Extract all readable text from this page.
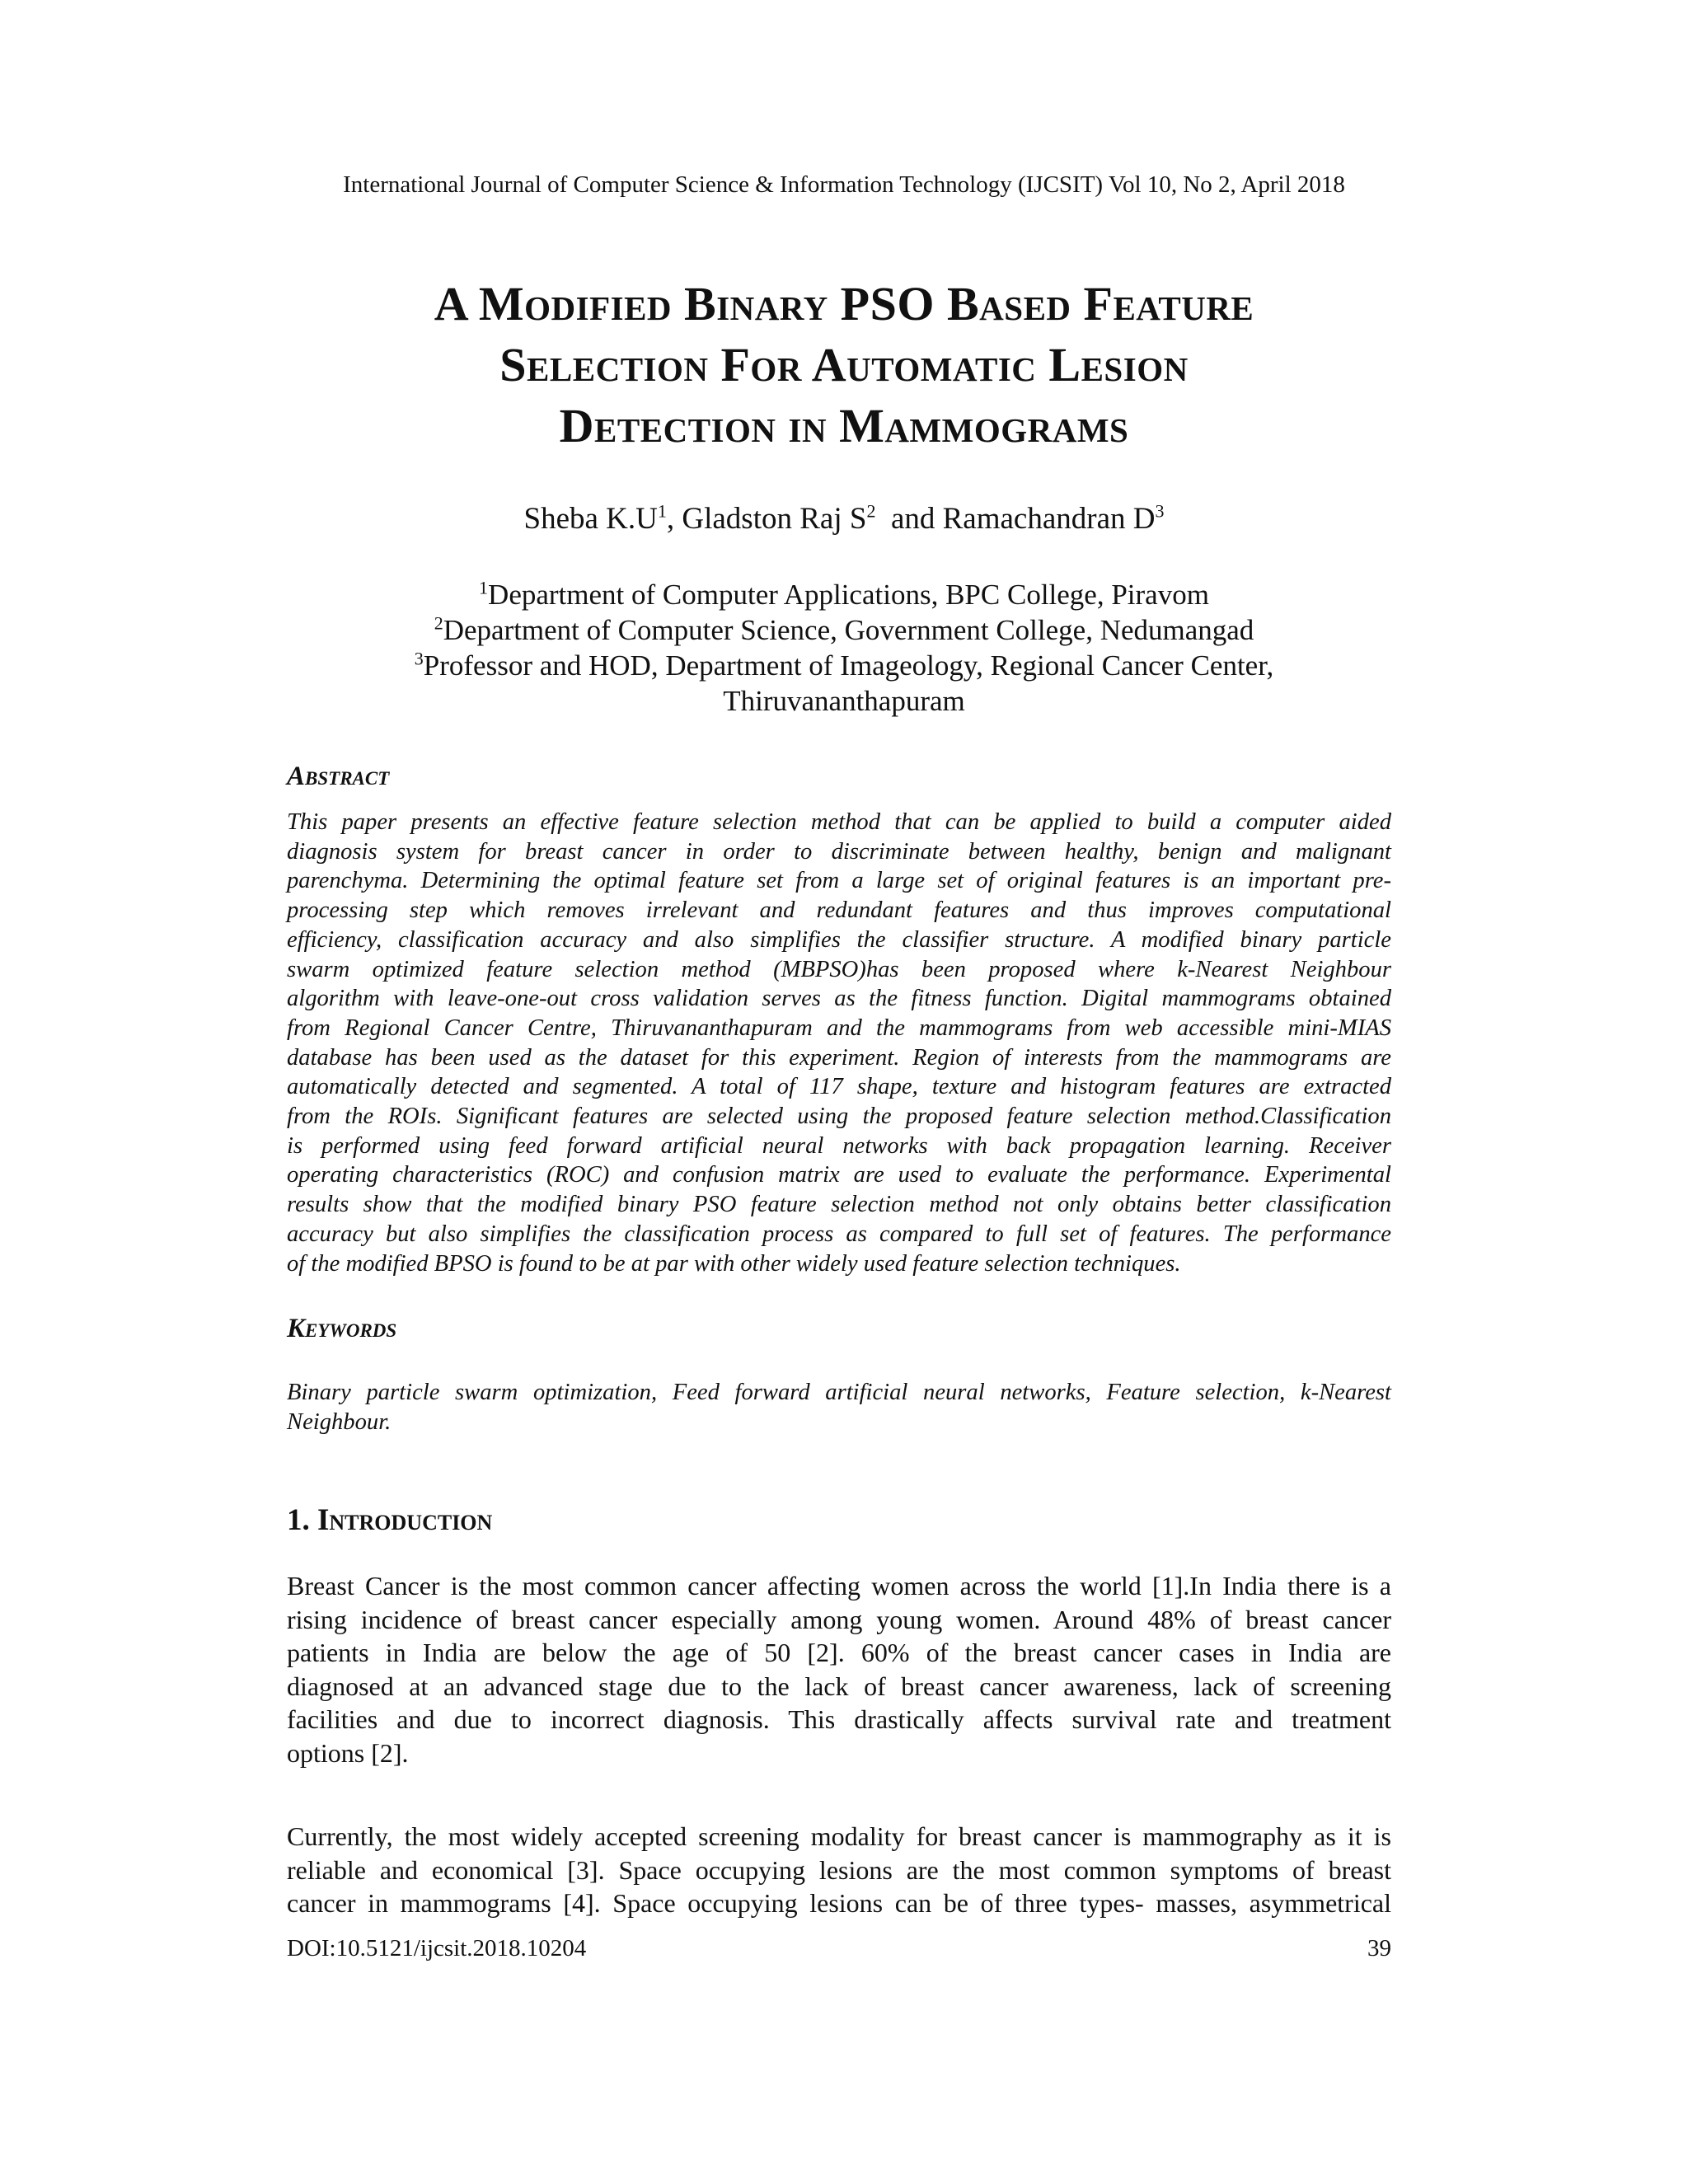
International Journal of Computer Science & Information Technology (IJCSIT) Vol 10, No 2, April 2018
A Modified Binary PSO Based Feature
Selection For Automatic Lesion
Detection in Mammograms
Sheba $K.U^1$, Gladston Raj $S^2$  and Ramachandran $D^3$
$^1$Department of Computer Applications, BPC College, Piravom
$^2$Department of Computer Science, Government College, Nedumangad
$^3$Professor and HOD, Department of Imageology, Regional Cancer Center,
Thiruvananthapuram
Abstract
This paper presents an effective feature selection method that can be applied to build a computer aided
diagnosis system for breast cancer in order to discriminate between healthy, benign and malignant
parenchyma. Determining the optimal feature set from a large set of original features is an important pre-
processing step which removes irrelevant and redundant features and thus improves computational
efficiency, classification accuracy and also simplifies the classifier structure. A modified binary particle
swarm optimized feature selection method (MBPSO)has been proposed where k-Nearest Neighbour
algorithm with leave-one-out cross validation serves as the fitness function. Digital mammograms obtained
from Regional Cancer Centre, Thiruvananthapuram and the mammograms from web accessible mini-MIAS
database has been used as the dataset for this experiment. Region of interests from the mammograms are
automatically detected and segmented. A total of 117 shape, texture and histogram features are extracted
from the ROIs. Significant features are selected using the proposed feature selection method.Classification
is performed using feed forward artificial neural networks with back propagation learning. Receiver
operating characteristics (ROC) and confusion matrix are used to evaluate the performance. Experimental
results show that the modified binary PSO feature selection method not only obtains better classification
accuracy but also simplifies the classification process as compared to full set of features. The performance
of the modified BPSO is found to be at par with other widely used feature selection techniques.
Keywords
Binary particle swarm optimization, Feed forward artificial neural networks, Feature selection, k-Nearest
Neighbour.
1. Introduction
Breast Cancer is the most common cancer affecting women across the world [1].In India there is a
rising incidence of breast cancer especially among young women. Around 48% of breast cancer
patients in India are below the age of 50 [2]. 60% of the breast cancer cases in India are
diagnosed at an advanced stage due to the lack of breast cancer awareness, lack of screening
facilities and due to incorrect diagnosis. This drastically affects survival rate and treatment
options [2].
Currently, the most widely accepted screening modality for breast cancer is mammography as it is
reliable and economical [3]. Space occupying lesions are the most common symptoms of breast
cancer in mammograms [4]. Space occupying lesions can be of three types- masses, asymmetrical
DOI:10.5121/ijcsit.2018.10204	39
